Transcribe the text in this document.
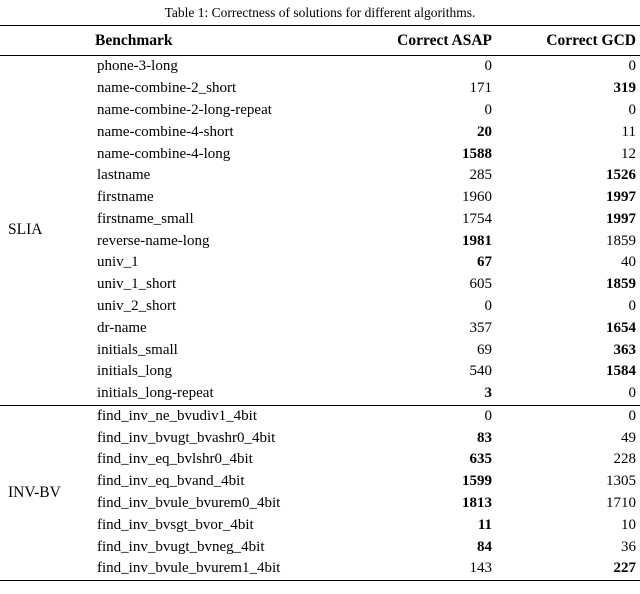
Table 1: Correctness of solutions for different algorithms.
	Benchmark	Correct ASAP	Correct GCD
SLIA	phone-3-long	0	0
	name-combine-2_short	171	319
	name-combine-2-long-repeat	0	0
	name-combine-4-short	20	11
	name-combine-4-long	1588	12
	lastname	285	1526
	firstname	1960	1997
	firstname_small	1754	1997
	reverse-name-long	1981	1859
	univ_1	67	40
	univ_1_short	605	1859
	univ_2_short	0	0
	dr-name	357	1654
	initials_small	69	363
	initials_long	540	1584
	initials_long-repeat	3	0
INV-BV	find_inv_ne_bvudiv1_4bit	0	0
	find_inv_bvugt_bvashr0_4bit	83	49
	find_inv_eq_bvlshr0_4bit	635	228
	find_inv_eq_bvand_4bit	1599	1305
	find_inv_bvule_bvurem0_4bit	1813	1710
	find_inv_bvsgt_bvor_4bit	11	10
	find_inv_bvugt_bvneg_4bit	84	36
	find_inv_bvule_bvurem1_4bit	143	227
